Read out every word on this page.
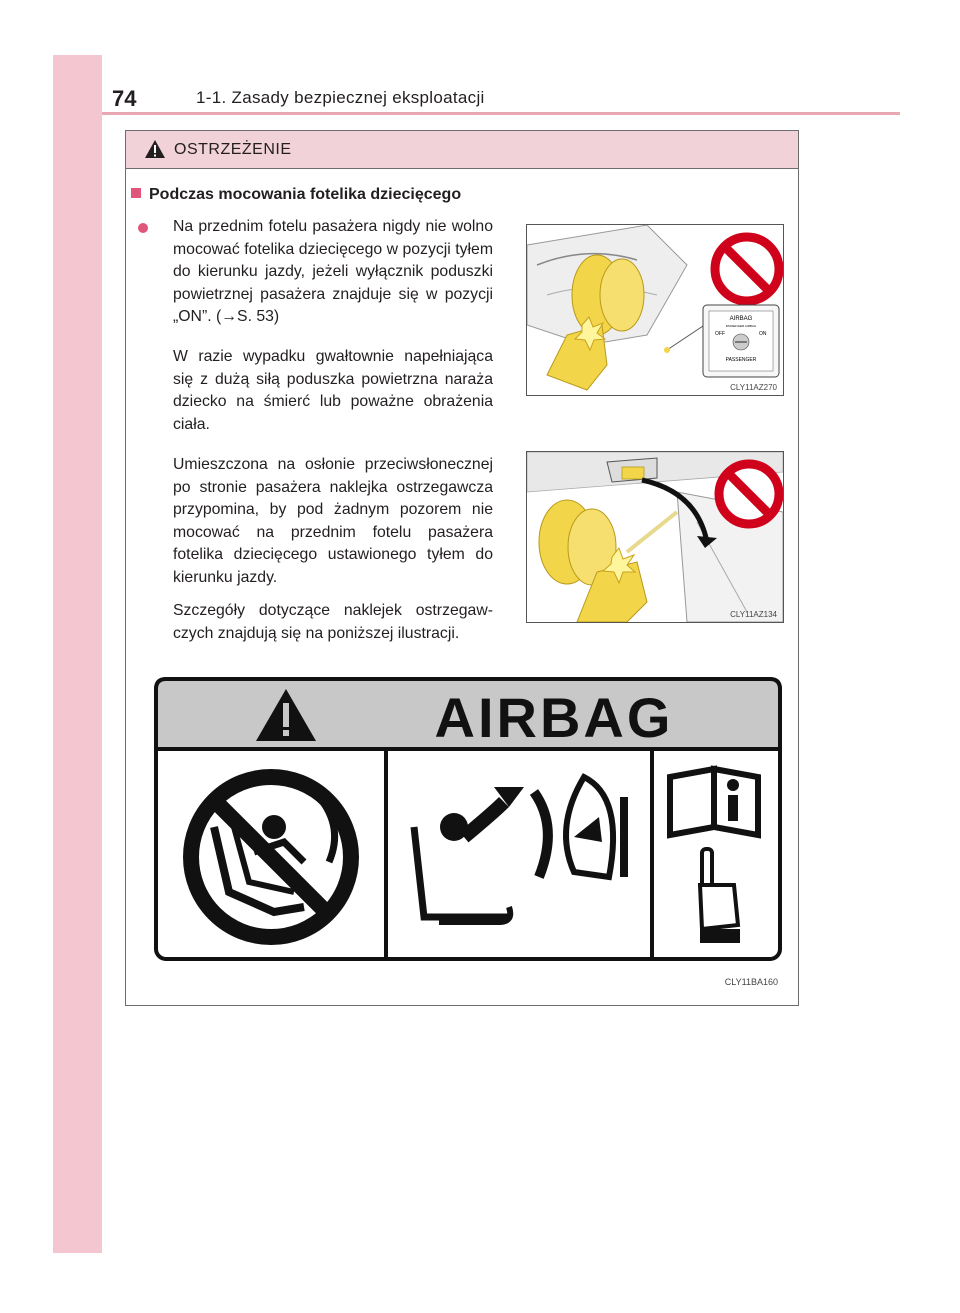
74	1-1. Zasady bezpiecznej eksploatacji
OSTRZEŻENIE
Podczas mocowania fotelika dziecięcego

Na przednim fotelu pasażera nigdy nie wolno mocować fotelika dziecięcego w pozycji tyłem do kierunku jazdy, jeżeli wyłącznik poduszki powietrznej pasażera znajduje się w pozycji „ON”. (→S. 53)

W razie wypadku gwałtownie napełniająca się z dużą siłą poduszka powietrzna naraża dziecko na śmierć lub poważne obrażenia ciała.

Umieszczona na osłonie przeciwsłonecznej po stronie pasażera naklejka ostrzegawcza przypomina, by pod żadnym pozorem nie mocować na przednim fotelu pasażera fotelika dziecięcego ustawionego tyłem do kierunku jazdy.

Szczegóły dotyczące naklejek ostrzegawczych znajdują się na poniższej ilustracji.

AIRBAG
PASSENGER AIRBAG
OFF	ON
PASSENGER
CLY11AZ270
CLY11AZ134
AIRBAG
CLY11BA160
